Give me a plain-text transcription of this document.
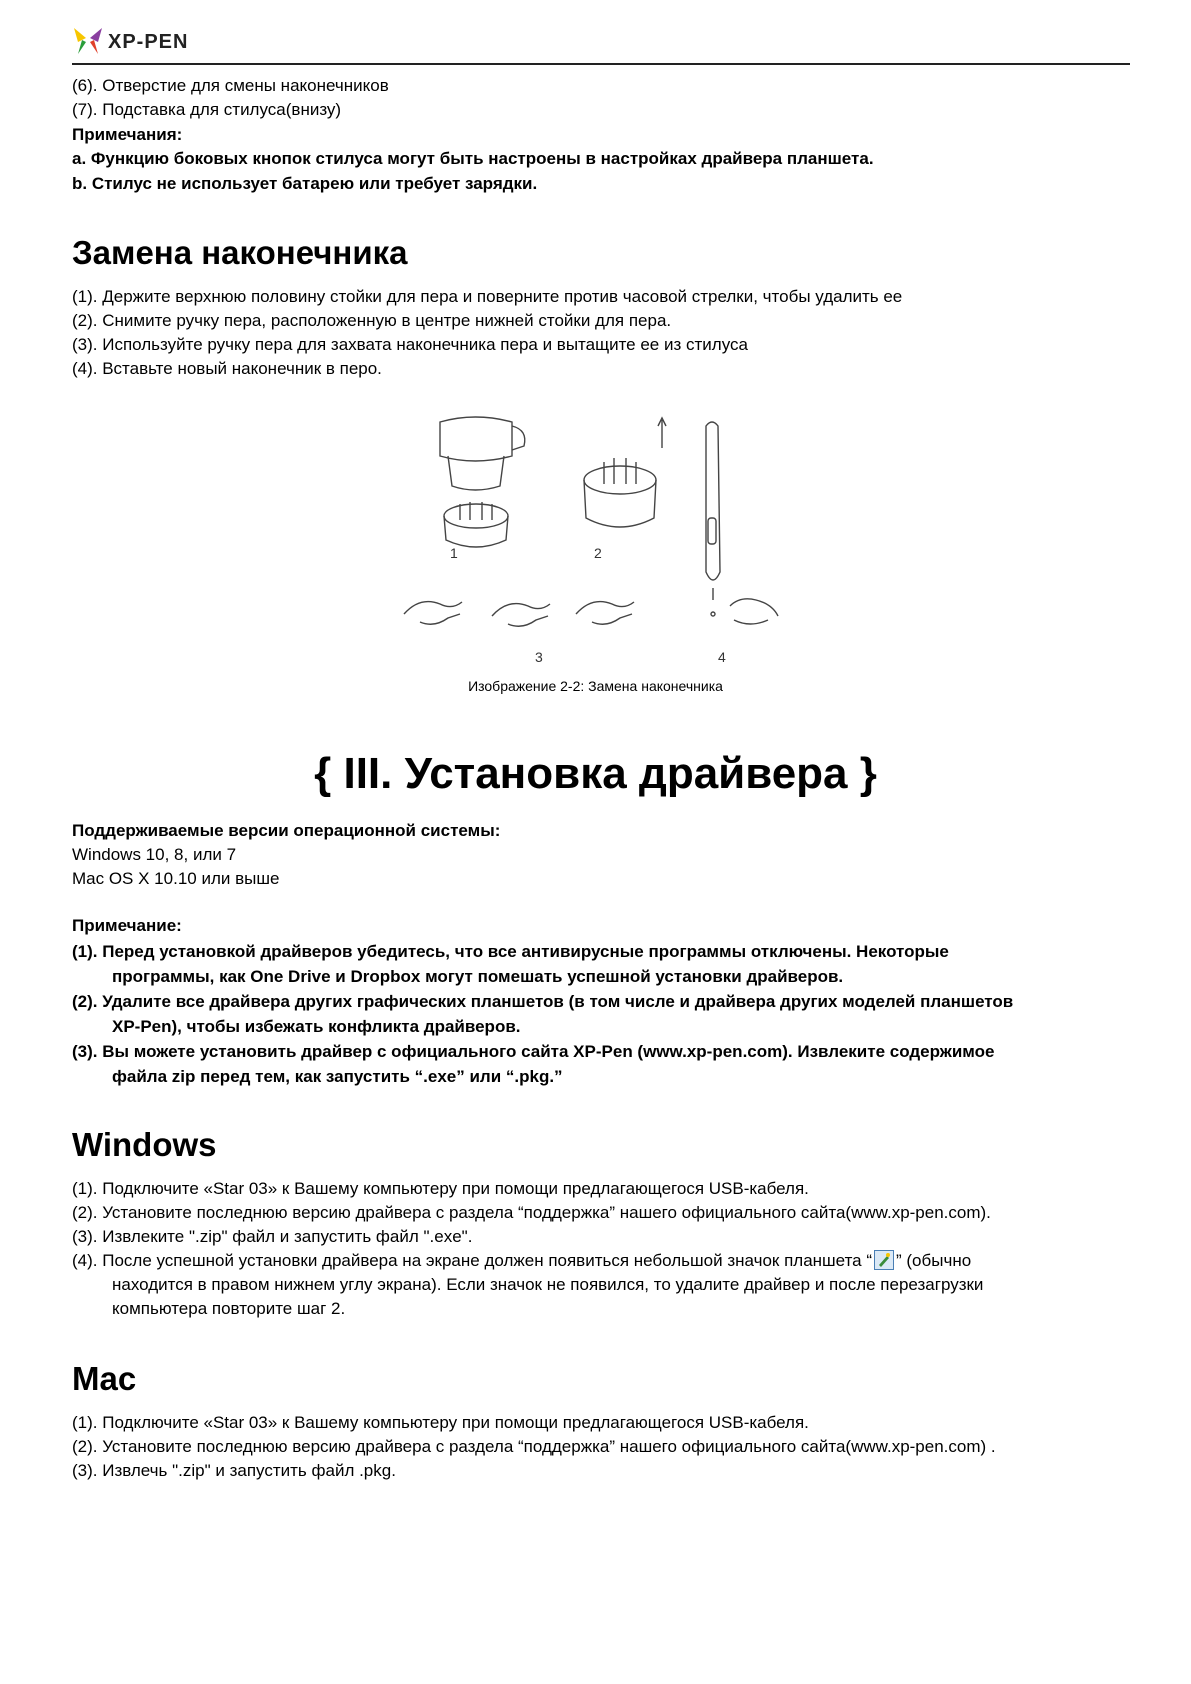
XP-PEN
(6). Отверстие для смены наконечников
(7). Подставка для стилуса(внизу)
Примечания:
a. Функцию боковых кнопок стилуса могут быть настроены в настройках драйвера планшета.
b. Стилус не использует батарею или требует зарядки.
Замена наконечника
(1). Держите верхнюю половину стойки для пера и поверните против часовой стрелки, чтобы удалить ее
(2). Снимите ручку пера, расположенную в центре нижней стойки для пера.
(3). Используйте ручку пера для захвата наконечника пера и вытащите ее из стилуса
(4). Вставьте новый наконечник в перо.
1	2
3	4
Изображение 2-2: Замена наконечника
{ III. Установка драйвера }
Поддерживаемые версии операционной системы:
Windows 10, 8, или 7
Mac OS X 10.10 или выше
Примечание:
(1). Перед установкой драйверов убедитесь, что все антивирусные программы отключены. Некоторые
программы, как One Drive и Dropbox могут помешать успешной установки драйверов.
(2). Удалите все драйвера других графических планшетов (в том числе и драйвера других моделей планшетов
XP-Pen), чтобы избежать конфликта драйверов.
(3). Вы можете установить драйвер с официального сайта XP-Pen (www.xp-pen.com). Извлеките содержимое
файла zip перед тем, как запустить “.exe” или “.pkg.”
Windows
(1). Подключите «Star 03» к Вашему компьютеру при помощи предлагающегося USB-кабеля.
(2). Установите последнюю версию драйвера с раздела “поддержка” нашего официального сайта(www.xp-pen.com).
(3). Извлеките ".zip" файл и запустить файл ".exe".
(4). После успешной установки драйвера на экране должен появиться небольшой значок планшета “ ” (обычно
находится в правом нижнем углу экрана). Если значок не появился, то удалите драйвер и после перезагрузки
компьютера повторите шаг 2.
Mac
(1). Подключите «Star 03» к Вашему компьютеру при помощи предлагающегося USB-кабеля.
(2). Установите последнюю версию драйвера с раздела “поддержка” нашего официального сайта(www.xp-pen.com) .
(3). Извлечь ".zip" и запустить файл .pkg.
